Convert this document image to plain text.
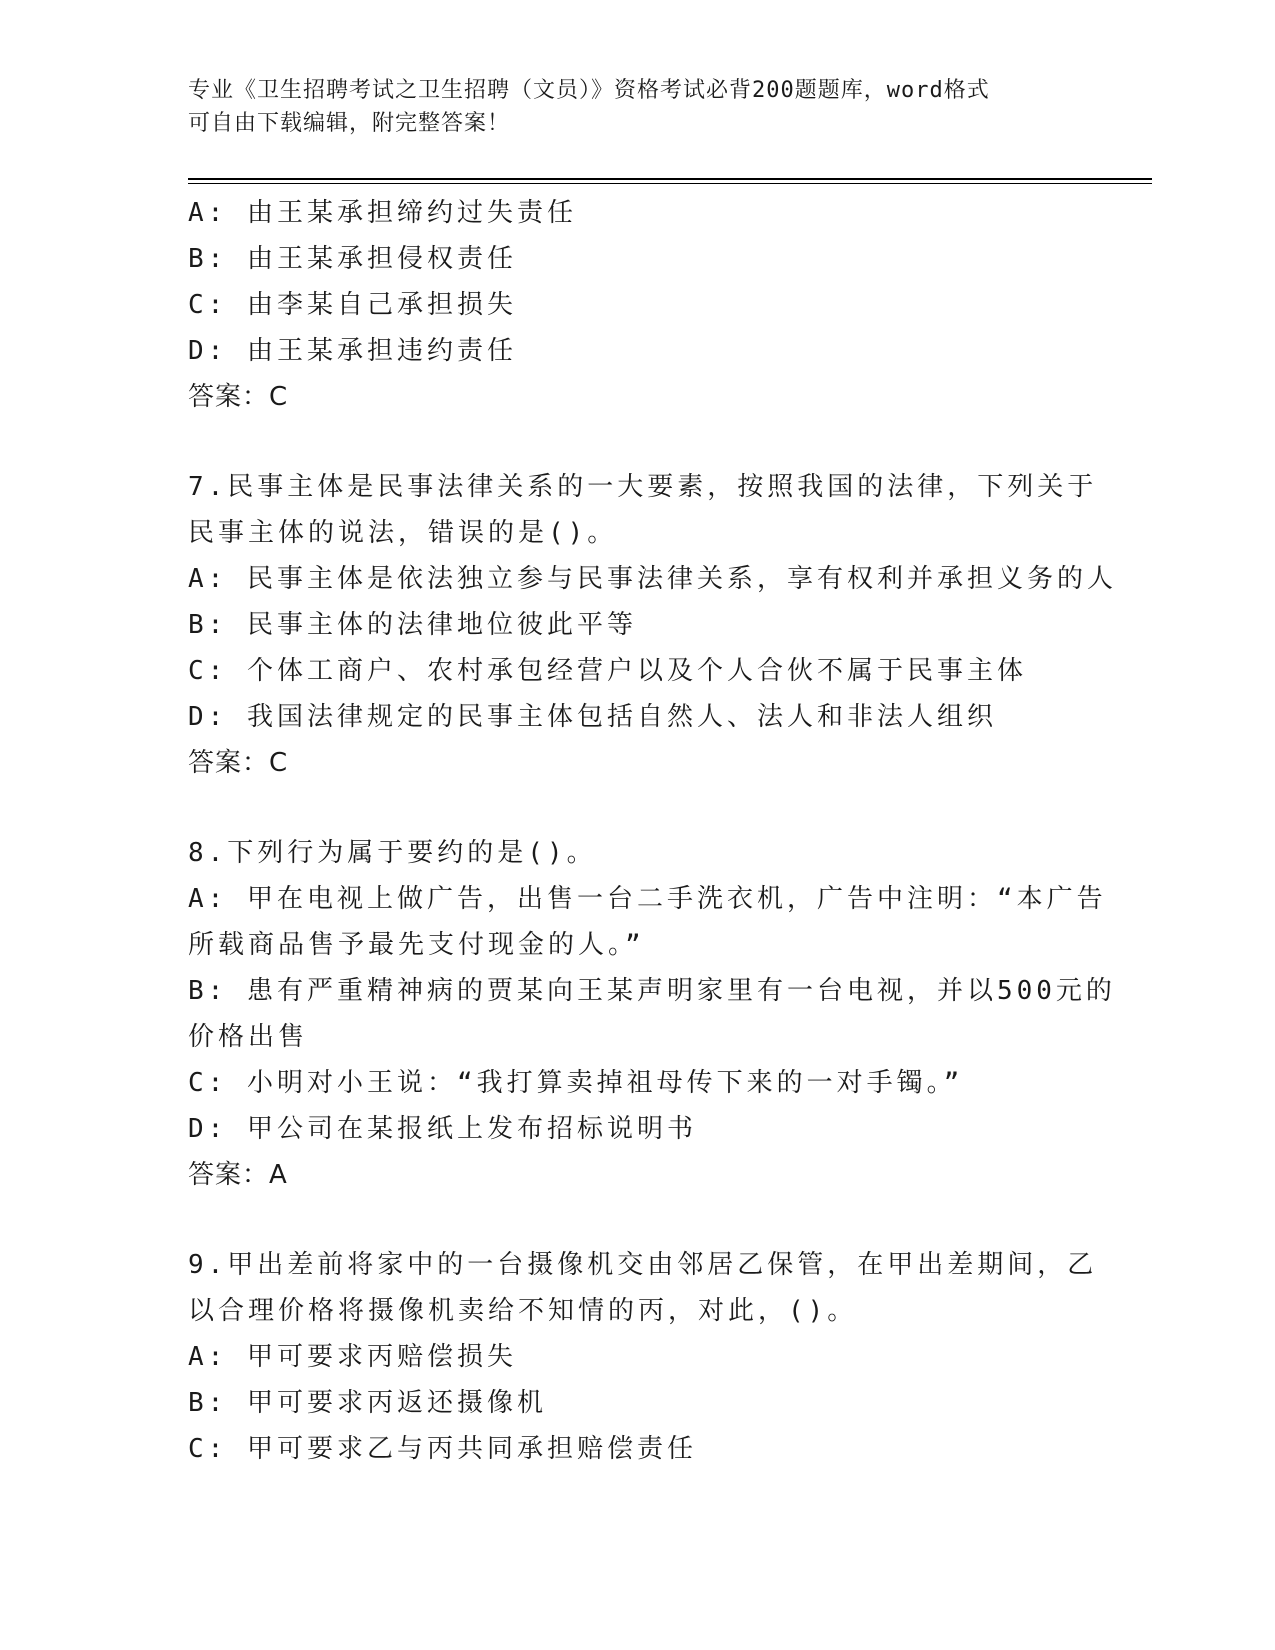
专业《卫生招聘考试之卫生招聘（文员）》资格考试必背200题题库，word格式
可自由下载编辑，附完整答案！
A: 由王某承担缔约过失责任
B: 由王某承担侵权责任
C: 由李某自己承担损失
D: 由王某承担违约责任
答案：C
7.民事主体是民事法律关系的一大要素，按照我国的法律，下列关于
民事主体的说法，错误的是()。
A: 民事主体是依法独立参与民事法律关系，享有权利并承担义务的人
B: 民事主体的法律地位彼此平等
C: 个体工商户、农村承包经营户以及个人合伙不属于民事主体
D: 我国法律规定的民事主体包括自然人、法人和非法人组织
答案：C
8.下列行为属于要约的是()。
A: 甲在电视上做广告，出售一台二手洗衣机，广告中注明：“本广告
所载商品售予最先支付现金的人。”
B: 患有严重精神病的贾某向王某声明家里有一台电视，并以500元的
价格出售
C: 小明对小王说：“我打算卖掉祖母传下来的一对手镯。”
D: 甲公司在某报纸上发布招标说明书
答案：A
9.甲出差前将家中的一台摄像机交由邻居乙保管，在甲出差期间，乙
以合理价格将摄像机卖给不知情的丙，对此，()。
A: 甲可要求丙赔偿损失
B: 甲可要求丙返还摄像机
C: 甲可要求乙与丙共同承担赔偿责任
